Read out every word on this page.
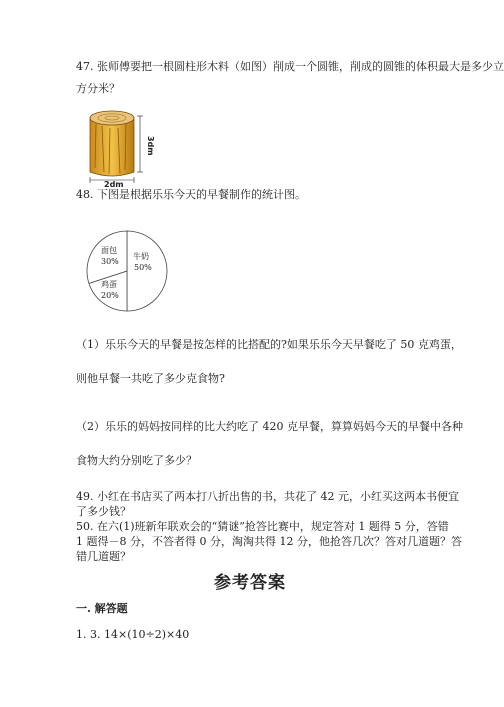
47. 张师傅要把一根圆柱形木料（如图）削成一个圆锥，削成的圆锥的体积最大是多少立
方分米？
3dm
2dm
48. 下图是根据乐乐今天的早餐制作的统计图。
牛奶
50%
面包
30%
鸡蛋
20%
（1）乐乐今天的早餐是按怎样的比搭配的?如果乐乐今天早餐吃了 50 克鸡蛋，
则他早餐一共吃了多少克食物?
（2）乐乐的妈妈按同样的比大约吃了 420 克早餐，算算妈妈今天的早餐中各种
食物大约分别吃了多少？
49. 小红在书店买了两本打八折出售的书，共花了 42 元，小红买这两本书便宜
了多少钱？
50. 在六(1)班新年联欢会的“猜谜”抢答比赛中，规定答对 1 题得 5 分，答错
1 题得－8 分，不答者得 0 分，淘淘共得 12 分，他抢答几次？答对几道题？答
错几道题？
参考答案
一. 解答题
1. 3. 14×(10÷2)×40
